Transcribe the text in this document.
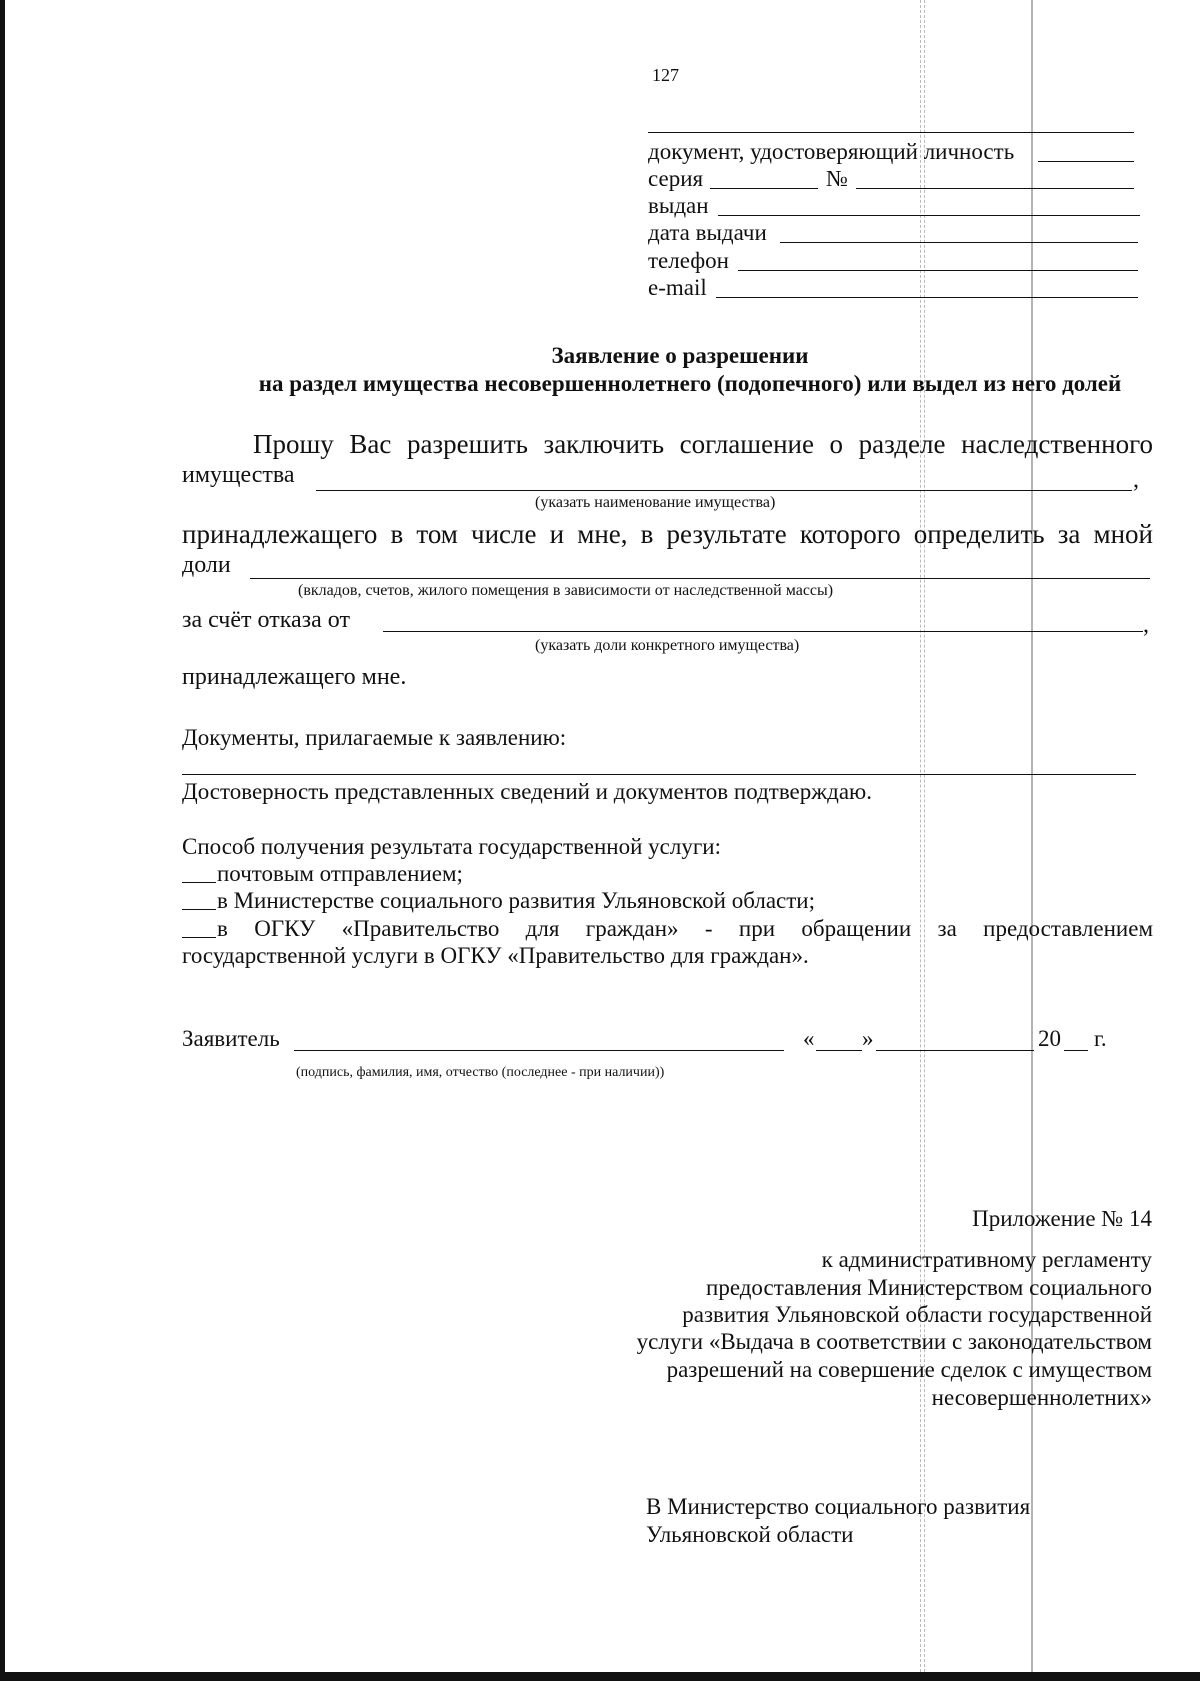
127
документ, удостоверяющий личность
серия	№
выдан
дата выдачи
телефон
e-mail
Заявление о разрешении
на раздел имущества несовершеннолетнего (подопечного) или выдел из него долей
Прошу Вас разрешить заключить соглашение о разделе наследственного
имущества	,
(указать наименование имущества)
принадлежащего в том числе и мне, в результате которого определить за мной
доли
(вкладов, счетов, жилого помещения в зависимости от наследственной массы)
за счёт отказа от	,
(указать доли конкретного имущества)
принадлежащего мне.
Документы, прилагаемые к заявлению:
Достоверность представленных сведений и документов подтверждаю.
Способ получения результата государственной услуги:
почтовым отправлением;
в Министерстве социального развития Ульяновской области;
в ОГКУ «Правительство для граждан» - при обращении за предоставлением
государственной услуги в ОГКУ «Правительство для граждан».
Заявитель	« »	20 г.
(подпись, фамилия, имя, отчество (последнее - при наличии))
Приложение № 14
к административному регламенту
предоставления Министерством социального
развития Ульяновской области государственной
услуги «Выдача в соответствии с законодательством
разрешений на совершение сделок с имуществом
несовершеннолетних»
В Министерство социального развития
Ульяновской области
